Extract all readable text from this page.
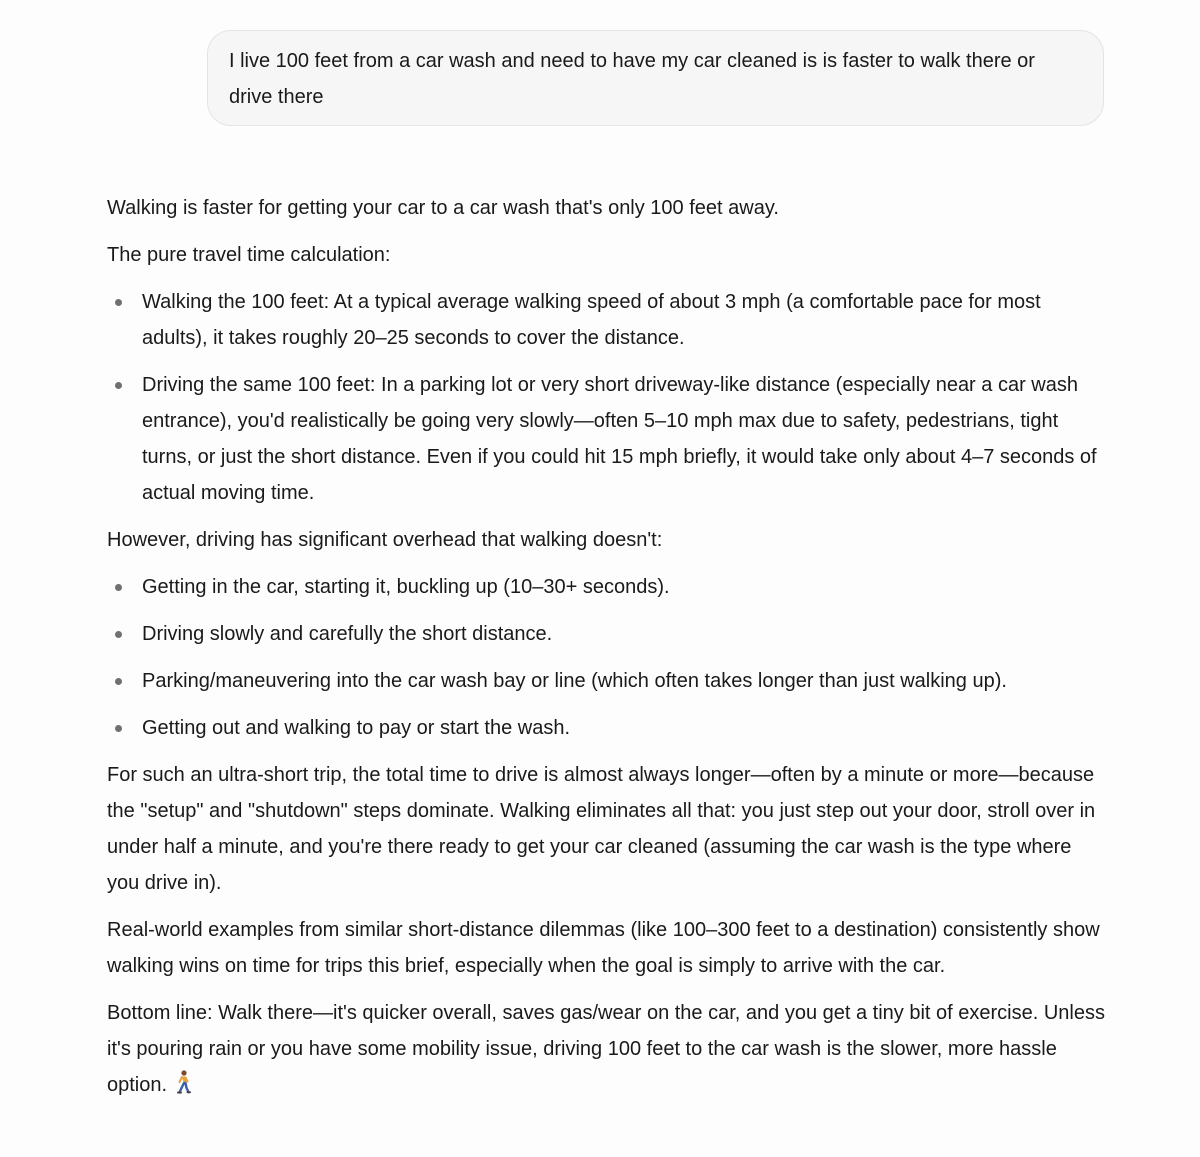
I live 100 feet from a car wash and need to have my car cleaned is is faster to walk there or drive there

Walking is faster for getting your car to a car wash that's only 100 feet away.

The pure travel time calculation:

Walking the 100 feet: At a typical average walking speed of about 3 mph (a comfortable pace for most adults), it takes roughly 20–25 seconds to cover the distance.
Driving the same 100 feet: In a parking lot or very short driveway-like distance (especially near a car wash entrance), you'd realistically be going very slowly—often 5–10 mph max due to safety, pedestrians, tight turns, or just the short distance. Even if you could hit 15 mph briefly, it would take only about 4–7 seconds of actual moving time.

However, driving has significant overhead that walking doesn't:

Getting in the car, starting it, buckling up (10–30+ seconds).
Driving slowly and carefully the short distance.
Parking/maneuvering into the car wash bay or line (which often takes longer than just walking up).
Getting out and walking to pay or start the wash.

For such an ultra-short trip, the total time to drive is almost always longer—often by a minute or more—because the "setup" and "shutdown" steps dominate. Walking eliminates all that: you just step out your door, stroll over in under half a minute, and you're there ready to get your car cleaned (assuming the car wash is the type where you drive in).

Real-world examples from similar short-distance dilemmas (like 100–300 feet to a destination) consistently show walking wins on time for trips this brief, especially when the goal is simply to arrive with the car.

Bottom line: Walk there—it's quicker overall, saves gas/wear on the car, and you get a tiny bit of exercise. Unless it's pouring rain or you have some mobility issue, driving 100 feet to the car wash is the slower, more hassle option.
